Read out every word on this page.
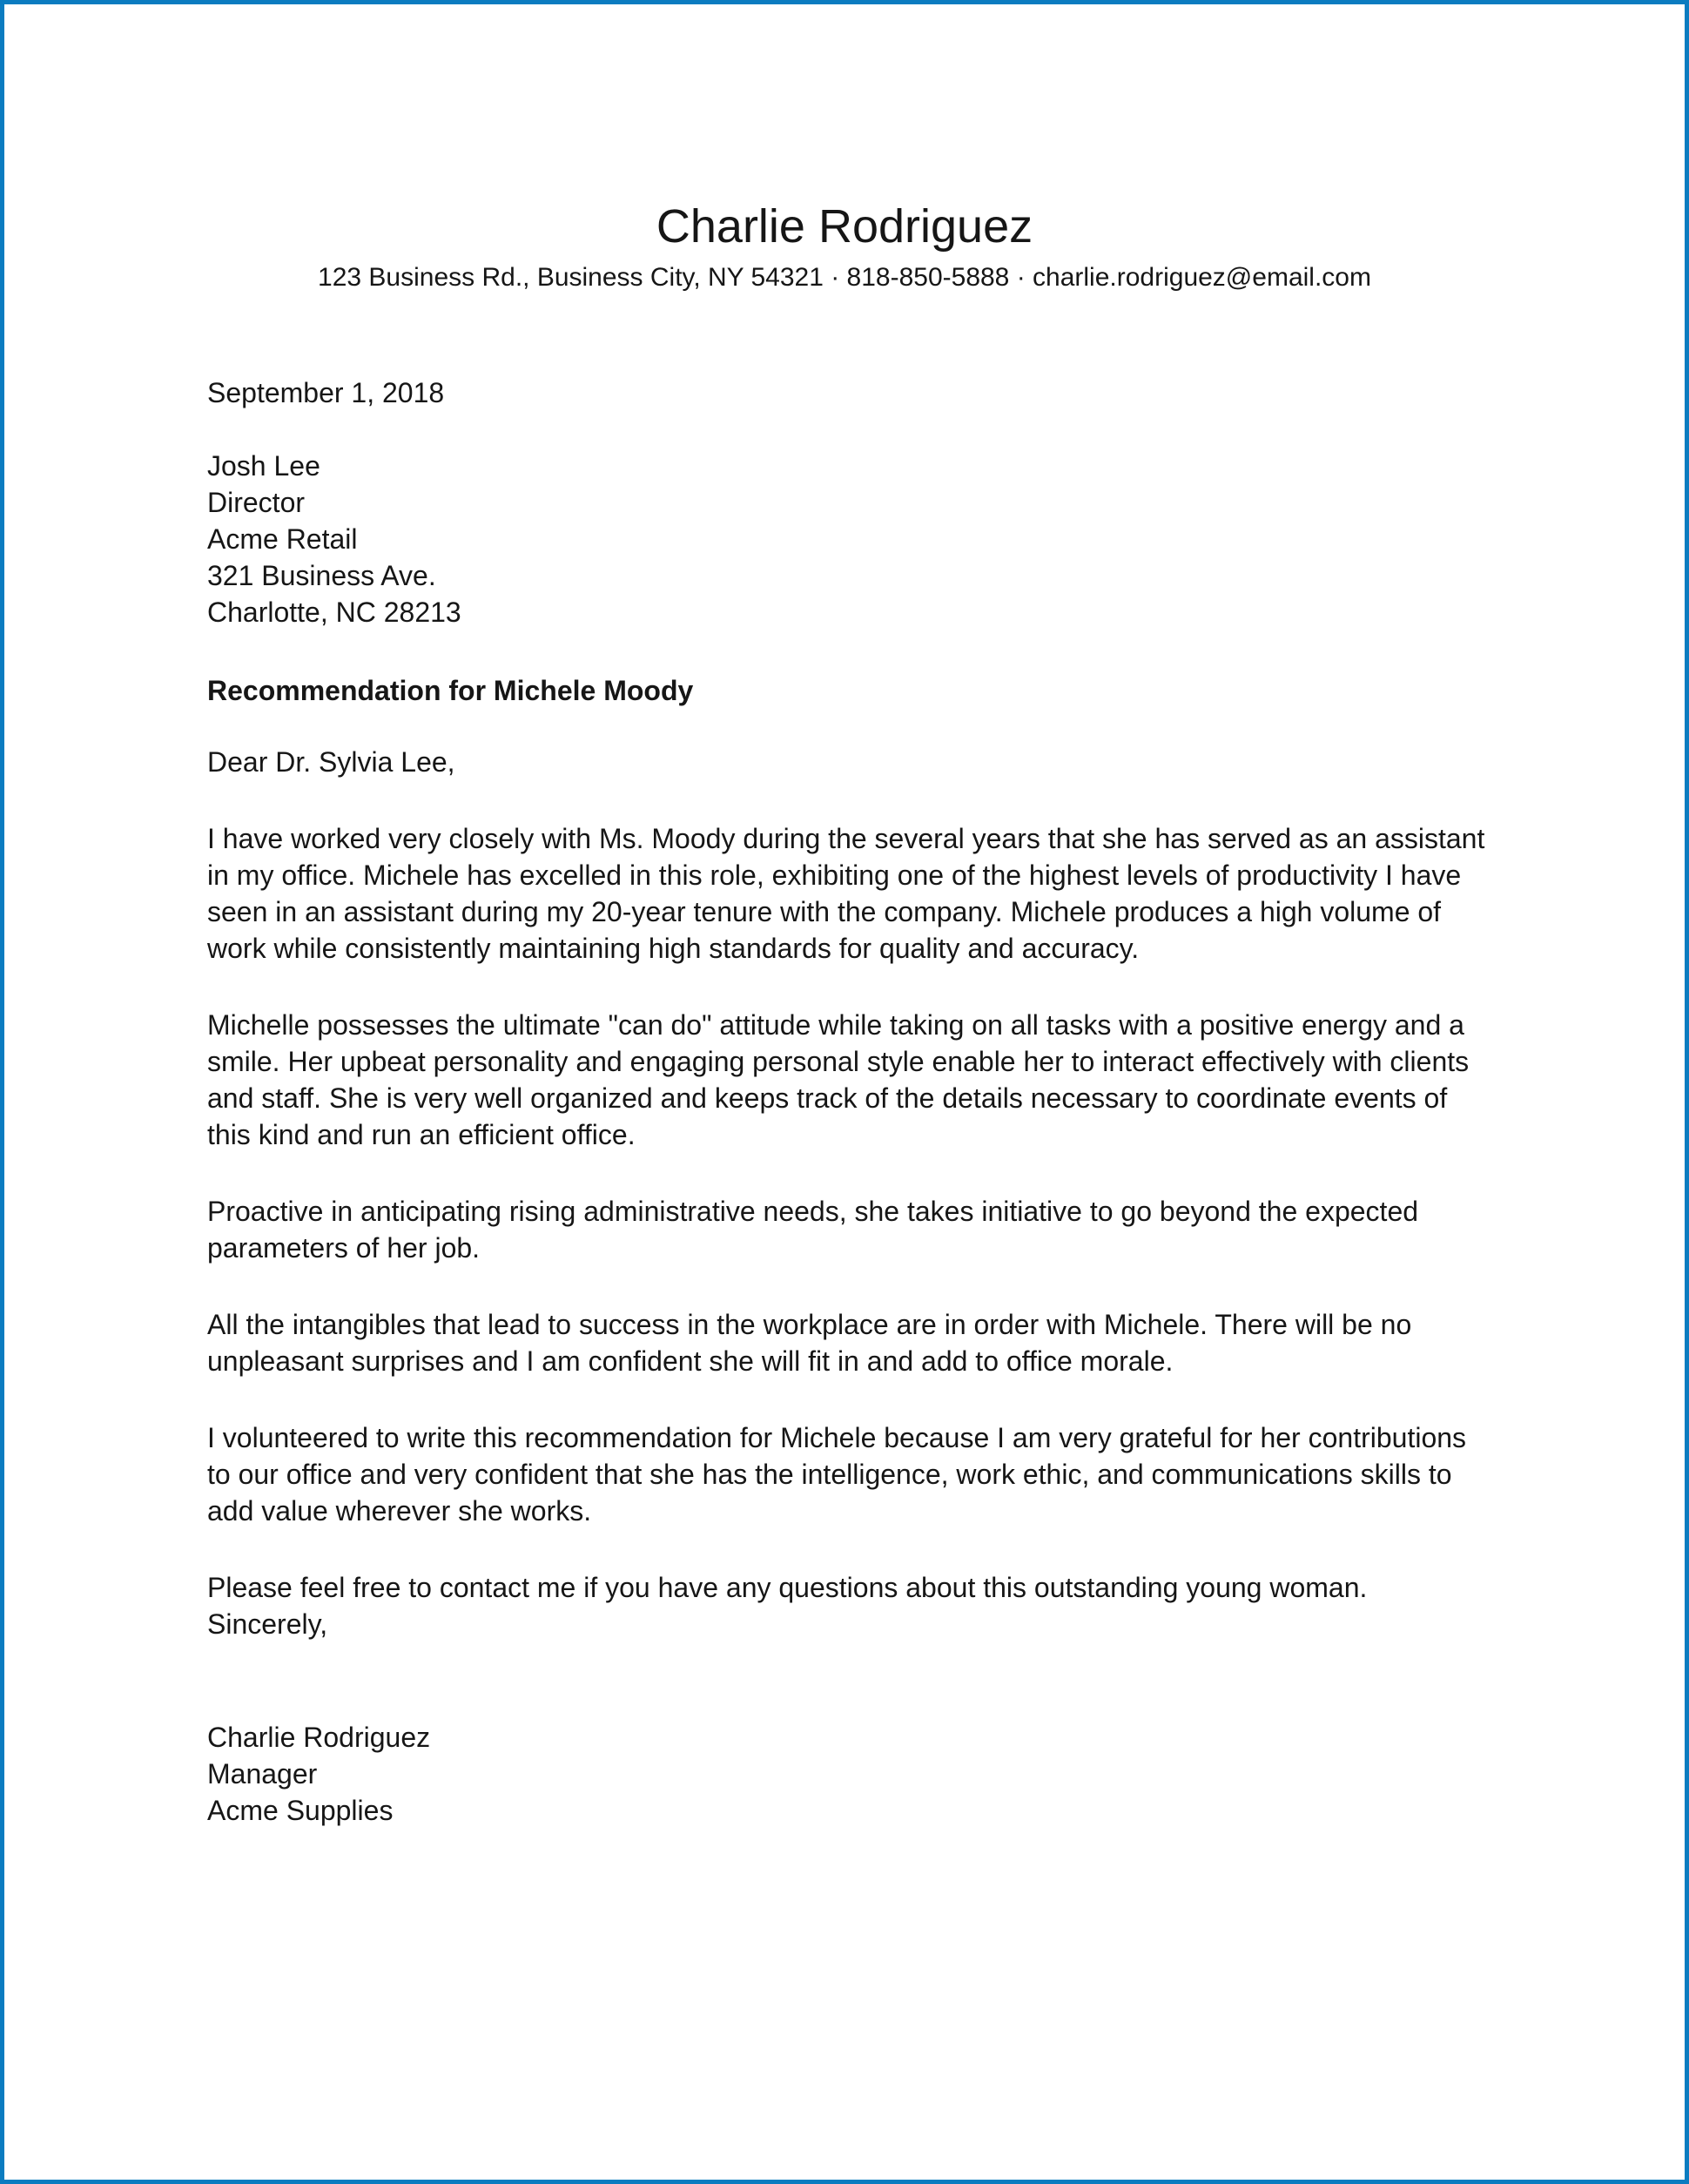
Charlie Rodriguez
123 Business Rd., Business City, NY 54321 · 818-850-5888 · charlie.rodriguez@email.com

September 1, 2018

Josh Lee

Director

Acme Retail

321 Business Ave.

Charlotte, NC 28213

Recommendation for Michele Moody

Dear Dr. Sylvia Lee,

I have worked very closely with Ms. Moody during the several years that she has served as an assistant in my office. Michele has excelled in this role, exhibiting one of the highest levels of productivity I have seen in an assistant during my 20-year tenure with the company. Michele produces a high volume of work while consistently maintaining high standards for quality and accuracy.

Michelle possesses the ultimate "can do" attitude while taking on all tasks with a positive energy and a smile. Her upbeat personality and engaging personal style enable her to interact effectively with clients and staff. She is very well organized and keeps track of the details necessary to coordinate events of this kind and run an efficient office.

Proactive in anticipating rising administrative needs, she takes initiative to go beyond the expected parameters of her job.

All the intangibles that lead to success in the workplace are in order with Michele. There will be no unpleasant surprises and I am confident she will fit in and add to office morale.

I volunteered to write this recommendation for Michele because I am very grateful for her contributions to our office and very confident that she has the intelligence, work ethic, and communications skills to add value wherever she works.

Please feel free to contact me if you have any questions about this outstanding young woman.

Sincerely,

Charlie Rodriguez

Manager

Acme Supplies
